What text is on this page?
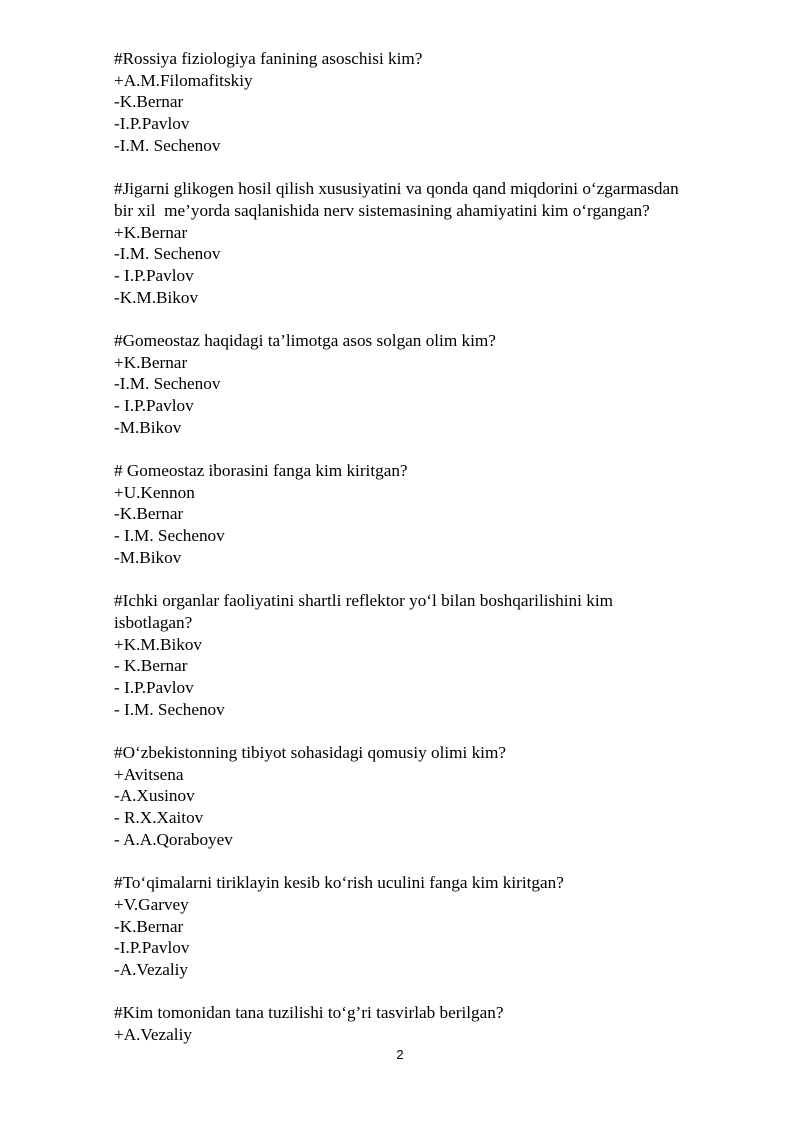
#Rossiya fiziologiya fanining asoschisi kim?
+A.M.Filomafitskiy
-K.Bernar
-I.P.Pavlov
-I.M. Sechenov
#Jigarni glikogen hosil qilish xususiyatini va qonda qand miqdorini o‘zgarmasdan
bir xil  me’yorda saqlanishida nerv sistemasining ahamiyatini kim o‘rgangan?
+K.Bernar
-I.M. Sechenov
- I.P.Pavlov
-K.M.Bikov
#Gomeostaz haqidagi ta’limotga asos solgan olim kim?
+K.Bernar
-I.M. Sechenov
- I.P.Pavlov
-M.Bikov
# Gomeostaz iborasini fanga kim kiritgan?
+U.Kennon
-K.Bernar
- I.M. Sechenov
-M.Bikov
#Ichki organlar faoliyatini shartli reflektor yo‘l bilan boshqarilishini kim
isbotlagan?
+K.M.Bikov
- K.Bernar
- I.P.Pavlov
- I.M. Sechenov
#O‘zbekistonning tibiyot sohasidagi qomusiy olimi kim?
+Avitsena
-A.Xusinov
- R.X.Xaitov
- A.A.Qoraboyev
#To‘qimalarni tiriklayin kesib ko‘rish uculini fanga kim kiritgan?
+V.Garvey
-K.Bernar
-I.P.Pavlov
-A.Vezaliy
#Kim tomonidan tana tuzilishi to‘g’ri tasvirlab berilgan?
+A.Vezaliy
2
